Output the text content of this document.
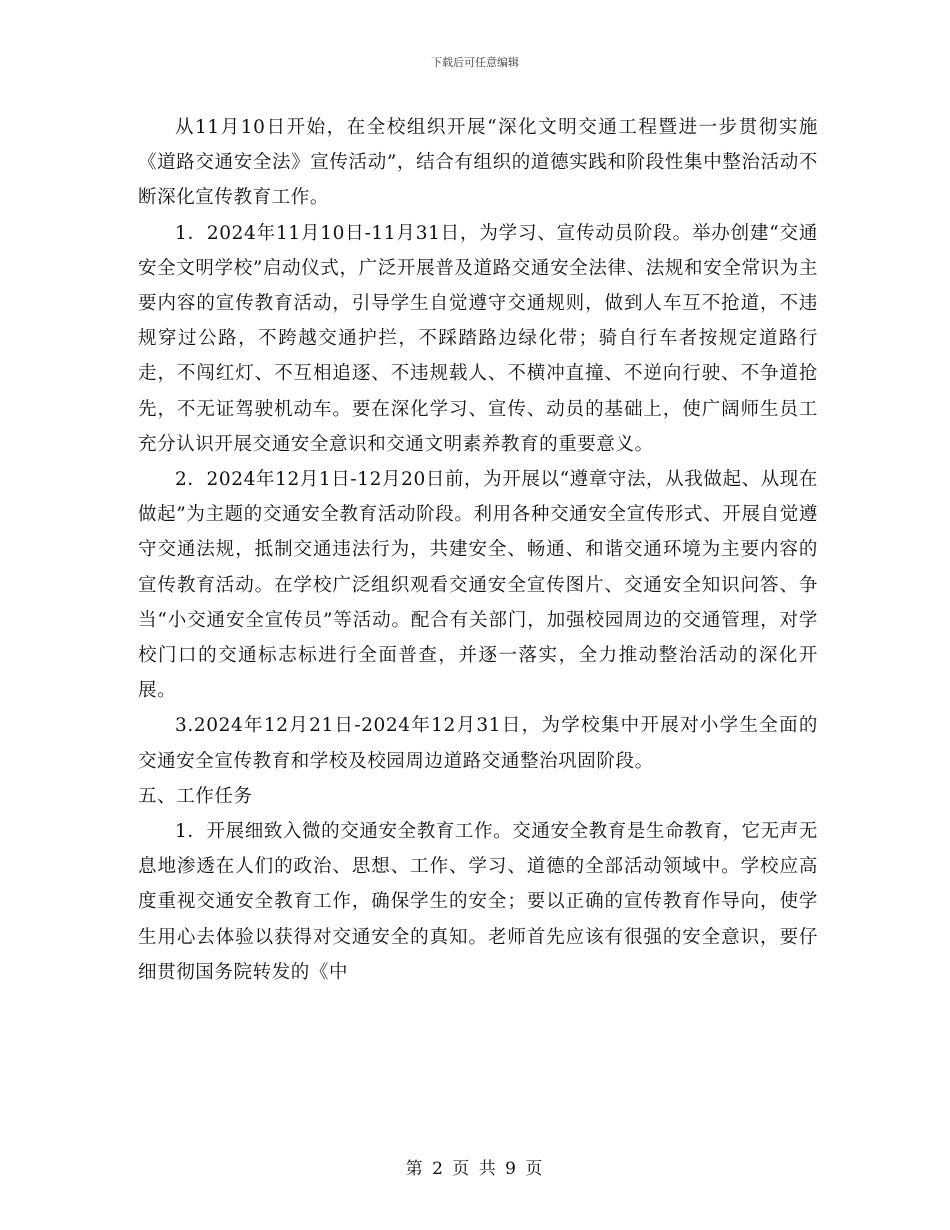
下载后可任意编辑

从11月10日开始，在全校组织开展“深化文明交通工程暨进一步贯彻实施《道路交通安全法》宣传活动”，结合有组织的道德实践和阶段性集中整治活动不断深化宣传教育工作。

1．2024年11月10日-11月31日，为学习、宣传动员阶段。举办创建“交通安全文明学校”启动仪式，广泛开展普及道路交通安全法律、法规和安全常识为主要内容的宣传教育活动，引导学生自觉遵守交通规则，做到人车互不抢道，不违规穿过公路，不跨越交通护拦，不踩踏路边绿化带；骑自行车者按规定道路行走，不闯红灯、不互相追逐、不违规载人、不横冲直撞、不逆向行驶、不争道抢先，不无证驾驶机动车。要在深化学习、宣传、动员的基础上，使广阔师生员工充分认识开展交通安全意识和交通文明素养教育的重要意义。

2．2024年12月1日-12月20日前，为开展以“遵章守法，从我做起、从现在做起”为主题的交通安全教育活动阶段。利用各种交通安全宣传形式、开展自觉遵守交通法规，抵制交通违法行为，共建安全、畅通、和谐交通环境为主要内容的宣传教育活动。在学校广泛组织观看交通安全宣传图片、交通安全知识问答、争当“小交通安全宣传员”等活动。配合有关部门，加强校园周边的交通管理，对学校门口的交通标志标进行全面普查，并逐一落实，全力推动整治活动的深化开展。

3.2024年12月21日-2024年12月31日，为学校集中开展对小学生全面的交通安全宣传教育和学校及校园周边道路交通整治巩固阶段。

五、工作任务

1．开展细致入微的交通安全教育工作。交通安全教育是生命教育，它无声无息地渗透在人们的政治、思想、工作、学习、道德的全部活动领域中。学校应高度重视交通安全教育工作，确保学生的安全；要以正确的宣传教育作导向，使学生用心去体验以获得对交通安全的真知。老师首先应该有很强的安全意识，要仔细贯彻国务院转发的《中

第 2 页 共 9 页
